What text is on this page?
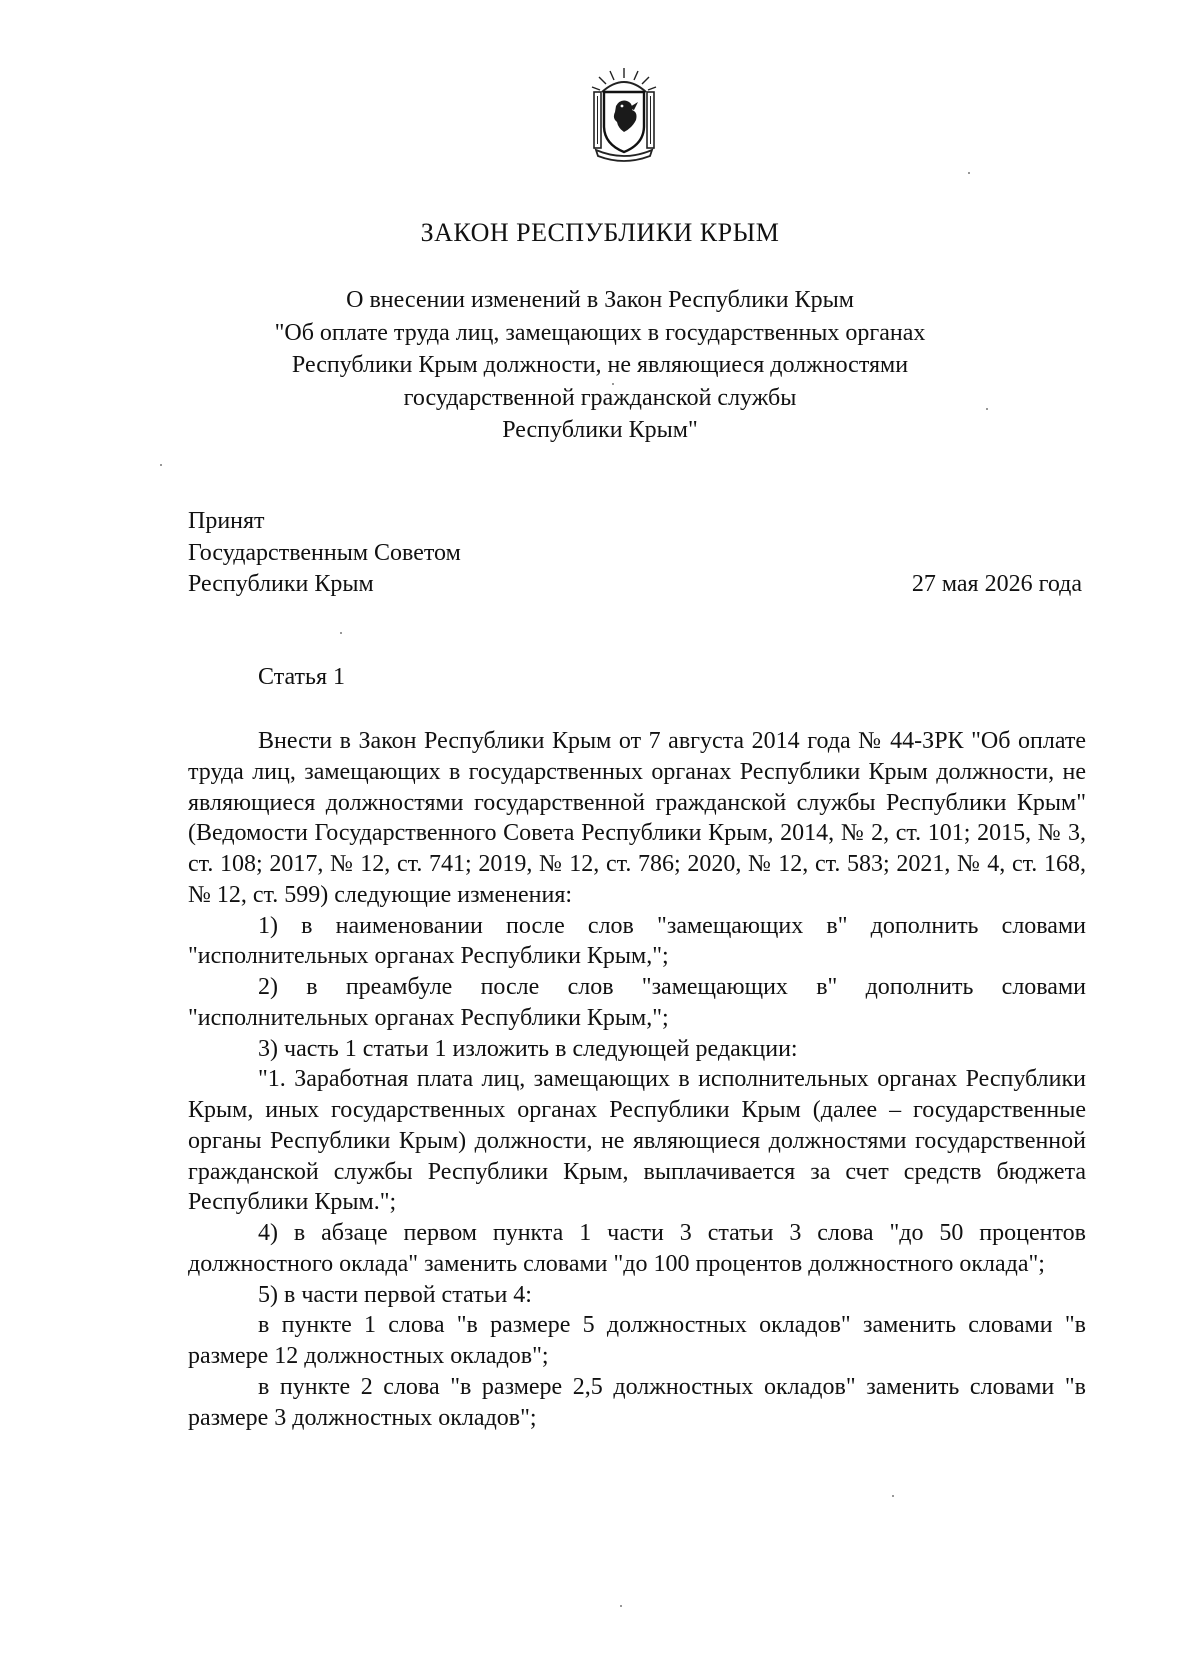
ЗАКОН РЕСПУБЛИКИ КРЫМ
О внесении изменений в Закон Республики Крым
"Об оплате труда лиц, замещающих в государственных органах
Республики Крым должности, не являющиеся должностями
государственной гражданской службы
Республики Крым"
Принят
Государственным Советом
Республики Крым	27 мая 2026 года
Статья 1

Внести в Закон Республики Крым от 7 августа 2014 года № 44-ЗРК "Об оплате труда лиц, замещающих в государственных органах Республики Крым должности, не являющиеся должностями государственной гражданской службы Республики Крым" (Ведомости Государственного Совета Республики Крым, 2014, № 2, ст. 101; 2015, № 3, ст. 108; 2017, № 12, ст. 741; 2019, № 12, ст. 786; 2020, № 12, ст. 583; 2021, № 4, ст. 168, № 12, ст. 599) следующие изменения:

1) в наименовании после слов "замещающих в" дополнить словами "исполнительных органах Республики Крым,";

2) в преамбуле после слов "замещающих в" дополнить словами "исполнительных органах Республики Крым,";

3) часть 1 статьи 1 изложить в следующей редакции:

"1. Заработная плата лиц, замещающих в исполнительных органах Республики Крым, иных государственных органах Республики Крым (далее – государственные органы Республики Крым) должности, не являющиеся должностями государственной гражданской службы Республики Крым, выплачивается за счет средств бюджета Республики Крым.";

4) в абзаце первом пункта 1 части 3 статьи 3 слова "до 50 процентов должностного оклада" заменить словами "до 100 процентов должностного оклада";

5) в части первой статьи 4:

в пункте 1 слова "в размере 5 должностных окладов" заменить словами "в размере 12 должностных окладов";

в пункте 2 слова "в размере 2,5 должностных окладов" заменить словами "в размере 3 должностных окладов";
